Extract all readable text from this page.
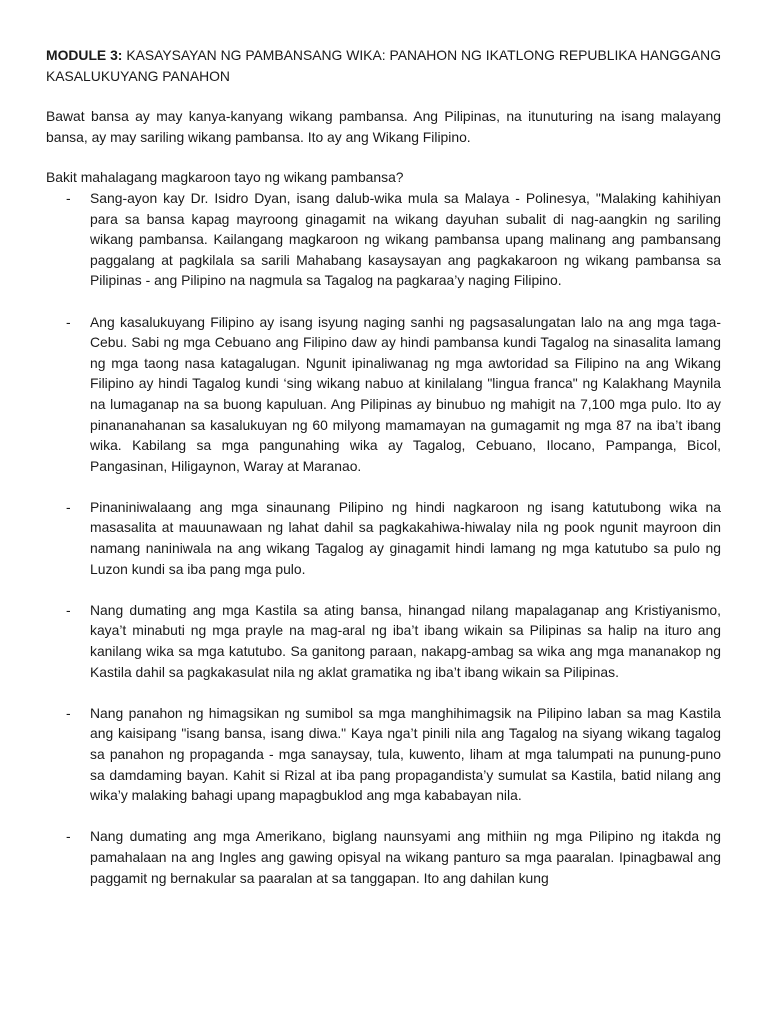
MODULE 3: KASAYSAYAN NG PAMBANSANG WIKA: PANAHON NG IKATLONG REPUBLIKA HANGGANG KASALUKUYANG PANAHON

Bawat bansa ay may kanya-kanyang wikang pambansa. Ang Pilipinas, na itunuturing na isang malayang bansa, ay may sariling wikang pambansa. Ito ay ang Wikang Filipino.

Bakit mahalagang magkaroon tayo ng wikang pambansa?

- Sang-ayon kay Dr. Isidro Dyan, isang dalub-wika mula sa Malaya - Polinesya, "Malaking kahihiyan para sa bansa kapag mayroong ginagamit na wikang dayuhan subalit di nag-aangkin ng sariling wikang pambansa. Kailangang magkaroon ng wikang pambansa upang malinang ang pambansang paggalang at pagkilala sa sarili Mahabang kasaysayan ang pagkakaroon ng wikang pambansa sa Pilipinas - ang Pilipino na nagmula sa Tagalog na pagkaraa’y naging Filipino.
- Ang kasalukuyang Filipino ay isang isyung naging sanhi ng pagsasalungatan lalo na ang mga taga-Cebu. Sabi ng mga Cebuano ang Filipino daw ay hindi pambansa kundi Tagalog na sinasalita lamang ng mga taong nasa katagalugan. Ngunit ipinaliwanag ng mga awtoridad sa Filipino na ang Wikang Filipino ay hindi Tagalog kundi ‘sing wikang nabuo at kinilalang "lingua franca" ng Kalakhang Maynila na lumaganap na sa buong kapuluan. Ang Pilipinas ay binubuo ng mahigit na 7,100 mga pulo. Ito ay pinananahanan sa kasalukuyan ng 60 milyong mamamayan na gumagamit ng mga 87 na iba’t ibang wika. Kabilang sa mga pangunahing wika ay Tagalog, Cebuano, Ilocano, Pampanga, Bicol, Pangasinan, Hiligaynon, Waray at Maranao.
- Pinaniniwalaang ang mga sinaunang Pilipino ng hindi nagkaroon ng isang katutubong wika na masasalita at mauunawaan ng lahat dahil sa pagkakahiwa-hiwalay nila ng pook ngunit mayroon din namang naniniwala na ang wikang Tagalog ay ginagamit hindi lamang ng mga katutubo sa pulo ng Luzon kundi sa iba pang mga pulo.
- Nang dumating ang mga Kastila sa ating bansa, hinangad nilang mapalaganap ang Kristiyanismo, kaya’t minabuti ng mga prayle na mag-aral ng iba’t ibang wikain sa Pilipinas sa halip na ituro ang kanilang wika sa mga katutubo. Sa ganitong paraan, nakapg-ambag sa wika ang mga mananakop ng Kastila dahil sa pagkakasulat nila ng aklat gramatika ng iba’t ibang wikain sa Pilipinas.
- Nang panahon ng himagsikan ng sumibol sa mga manghihimagsik na Pilipino laban sa mag Kastila ang kaisipang "isang bansa, isang diwa." Kaya nga’t pinili nila ang Tagalog na siyang wikang tagalog sa panahon ng propaganda - mga sanaysay, tula, kuwento, liham at mga talumpati na punung-puno sa damdaming bayan. Kahit si Rizal at iba pang propagandista’y sumulat sa Kastila, batid nilang ang wika’y malaking bahagi upang mapagbuklod ang mga kababayan nila.
- Nang dumating ang mga Amerikano, biglang naunsyami ang mithiin ng mga Pilipino ng itakda ng pamahalaan na ang Ingles ang gawing opisyal na wikang panturo sa mga paaralan. Ipinagbawal ang paggamit ng bernakular sa paaralan at sa tanggapan. Ito ang dahilan kung
